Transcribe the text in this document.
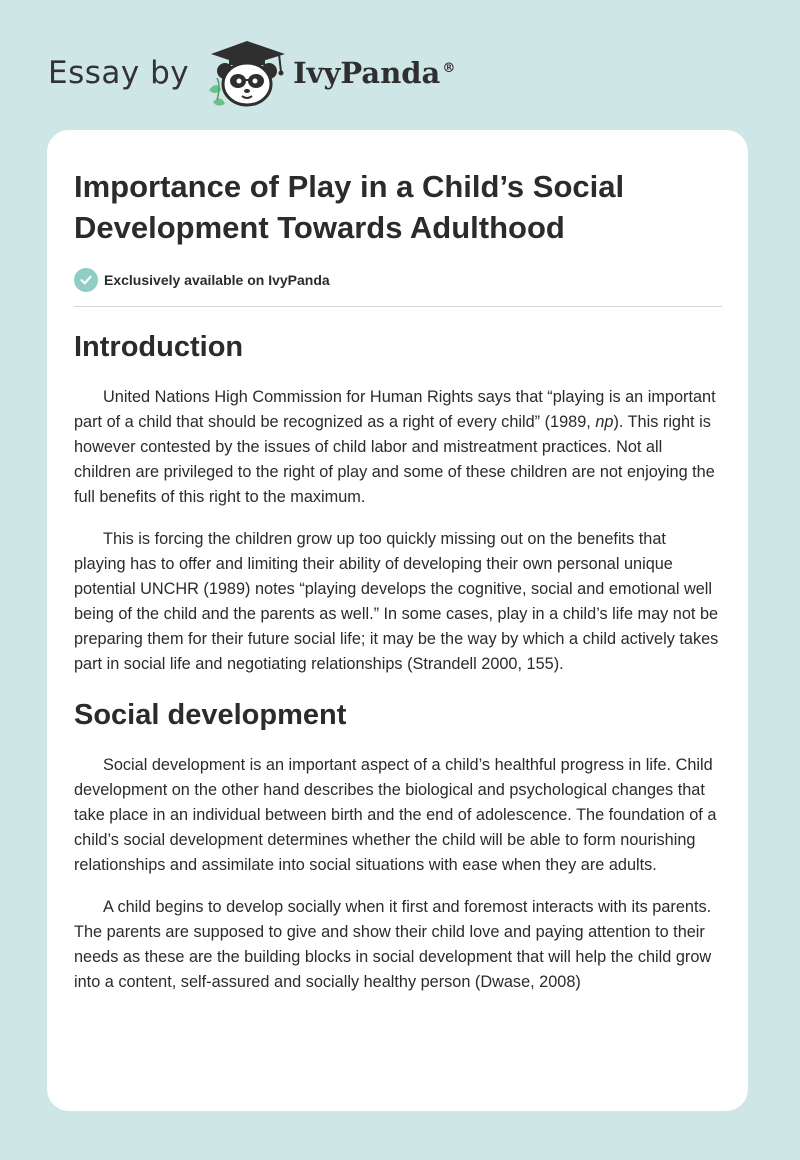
Essay by	IvyPanda ®
Importance of Play in a Child’s Social
Development Towards Adulthood
Exclusively available on IvyPanda
Introduction

United Nations High Commission for Human Rights says that “playing is an important part of a child that should be recognized as a right of every child” (1989, np). This right is however contested by the issues of child labor and mistreatment practices. Not all children are privileged to the right of play and some of these children are not enjoying the full benefits of this right to the maximum.

This is forcing the children grow up too quickly missing out on the benefits that playing has to offer and limiting their ability of developing their own personal unique potential UNCHR (1989) notes “playing develops the cognitive, social and emotional well being of the child and the parents as well.” In some cases, play in a child’s life may not be preparing them for their future social life; it may be the way by which a child actively takes part in social life and negotiating relationships (Strandell 2000, 155).

Social development

Social development is an important aspect of a child’s healthful progress in life. Child development on the other hand describes the biological and psychological changes that take place in an individual between birth and the end of adolescence. The foundation of a child’s social development determines whether the child will be able to form nourishing relationships and assimilate into social situations with ease when they are adults.

A child begins to develop socially when it first and foremost interacts with its parents. The parents are supposed to give and show their child love and paying attention to their needs as these are the building blocks in social development that will help the child grow into a content, self-assured and socially healthy person (Dwase, 2008)
